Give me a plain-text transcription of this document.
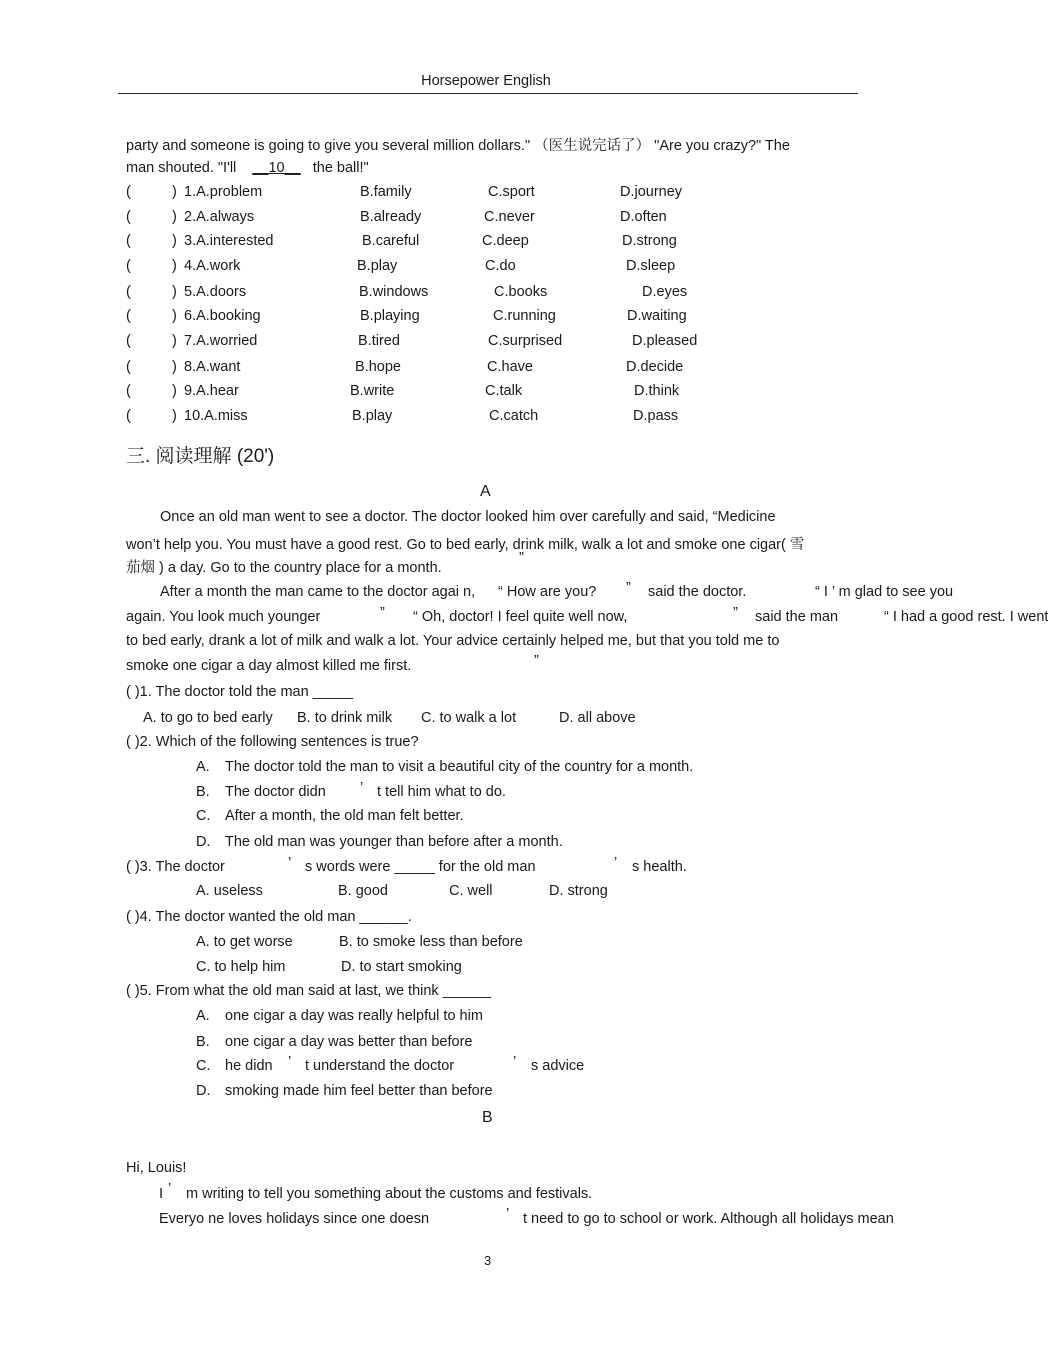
Horsepower English
party and someone is going to give you several million dollars." （医生说完话了） "Are you crazy?" The
man shouted. "I'll __10__ the ball!"
(	) 1.A.problem	B.family	C.sport	D.journey
(	) 2.A.always	B.already	C.never	D.often
(	) 3.A.interested	B.careful	C.deep	D.strong
(	) 4.A.work	B.play	C.do	D.sleep
(	) 5.A.doors	B.windows	C.books	D.eyes
(	) 6.A.booking	B.playing	C.running	D.waiting
(	) 7.A.worried	B.tired	C.surprised	D.pleased
(	) 8.A.want	B.hope	C.have	D.decide
(	) 9.A.hear	B.write	C.talk	D.think
(	) 10.A.miss	B.play	C.catch	D.pass
三. 阅读理解 (20')
A
Once an old man went to see a doctor. The doctor looked him over carefully and said, “Medicine
won’t help you. You must have a good rest. Go to bed early, drink milk, walk a lot and smoke one cigar( 雪
茄烟 ) a day. Go to the country place for a month.
”
After a month the man came to the doctor agai n, “ How are you? ” said the doctor.	“ I ’ m glad to see you
again. You look much younger	” “ Oh, doctor! I feel quite well now,	” said the man	“ I had a good rest. I went
to bed early, drank a lot of milk and walk a lot. Your advice certainly helped me, but that you told me to
smoke one cigar a day almost killed me first.	”
( )1. The doctor told the man _____
A. to go to bed early B. to drink milk C. to walk a lot	D. all above
( )2. Which of the following sentences is true?
A. The doctor told the man to visit a beautiful city of the country for a month.
B. The doctor didn ’ t tell him what to do.
C. After a month, the old man felt better.
D. The old man was younger than before after a month.
( )3. The doctor	’ s words were _____ for the old man	’ s health.
A. useless	B. good	C. well	D. strong
( )4. The doctor wanted the old man ______.
A. to get worse	B. to smoke less than before
C. to help him	D. to start smoking
( )5. From what the old man said at last, we think ______
A. one cigar a day was really helpful to him
B. one cigar a day was better than before
C. he didn ’ t understand the doctor	’ s advice
D. smoking made him feel better than before
B
Hi, Louis!
I ’ m writing to tell you something about the customs and festivals.
Everyo ne loves holidays since one doesn	’ t need to go to school or work. Although all holidays mean
3
